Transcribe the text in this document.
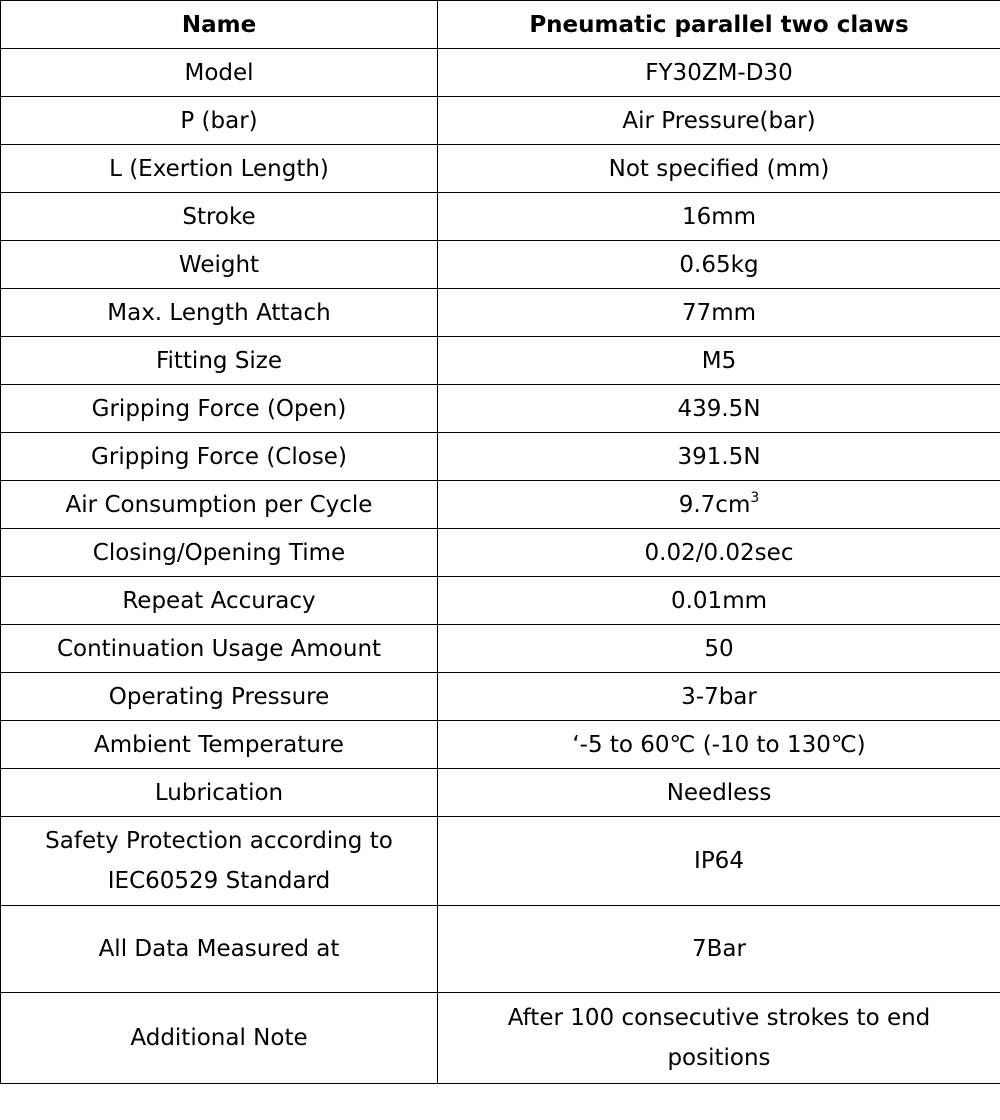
Name	Pneumatic parallel two claws
Model	FY30ZM-D30
P (bar)	Air Pressure(bar)
L (Exertion Length)	Not specified (mm)
Stroke	16mm
Weight	0.65kg
Max. Length Attach	77mm
Fitting Size	M5
Gripping Force (Open)	439.5N
Gripping Force (Close)	391.5N
Air Consumption per Cycle	$9.7cm^3$
Closing/Opening Time	0.02/0.02sec
Repeat Accuracy	0.01mm
Continuation Usage Amount	50
Operating Pressure	3-7bar
Ambient Temperature	‘-5 to 60℃ (-10 to 130℃)
Lubrication	Needless

Safety Protection according to
IEC60529 Standard	IP64
All Data Measured at	7Bar
Additional Note	After 100 consecutive strokes to end
positions
